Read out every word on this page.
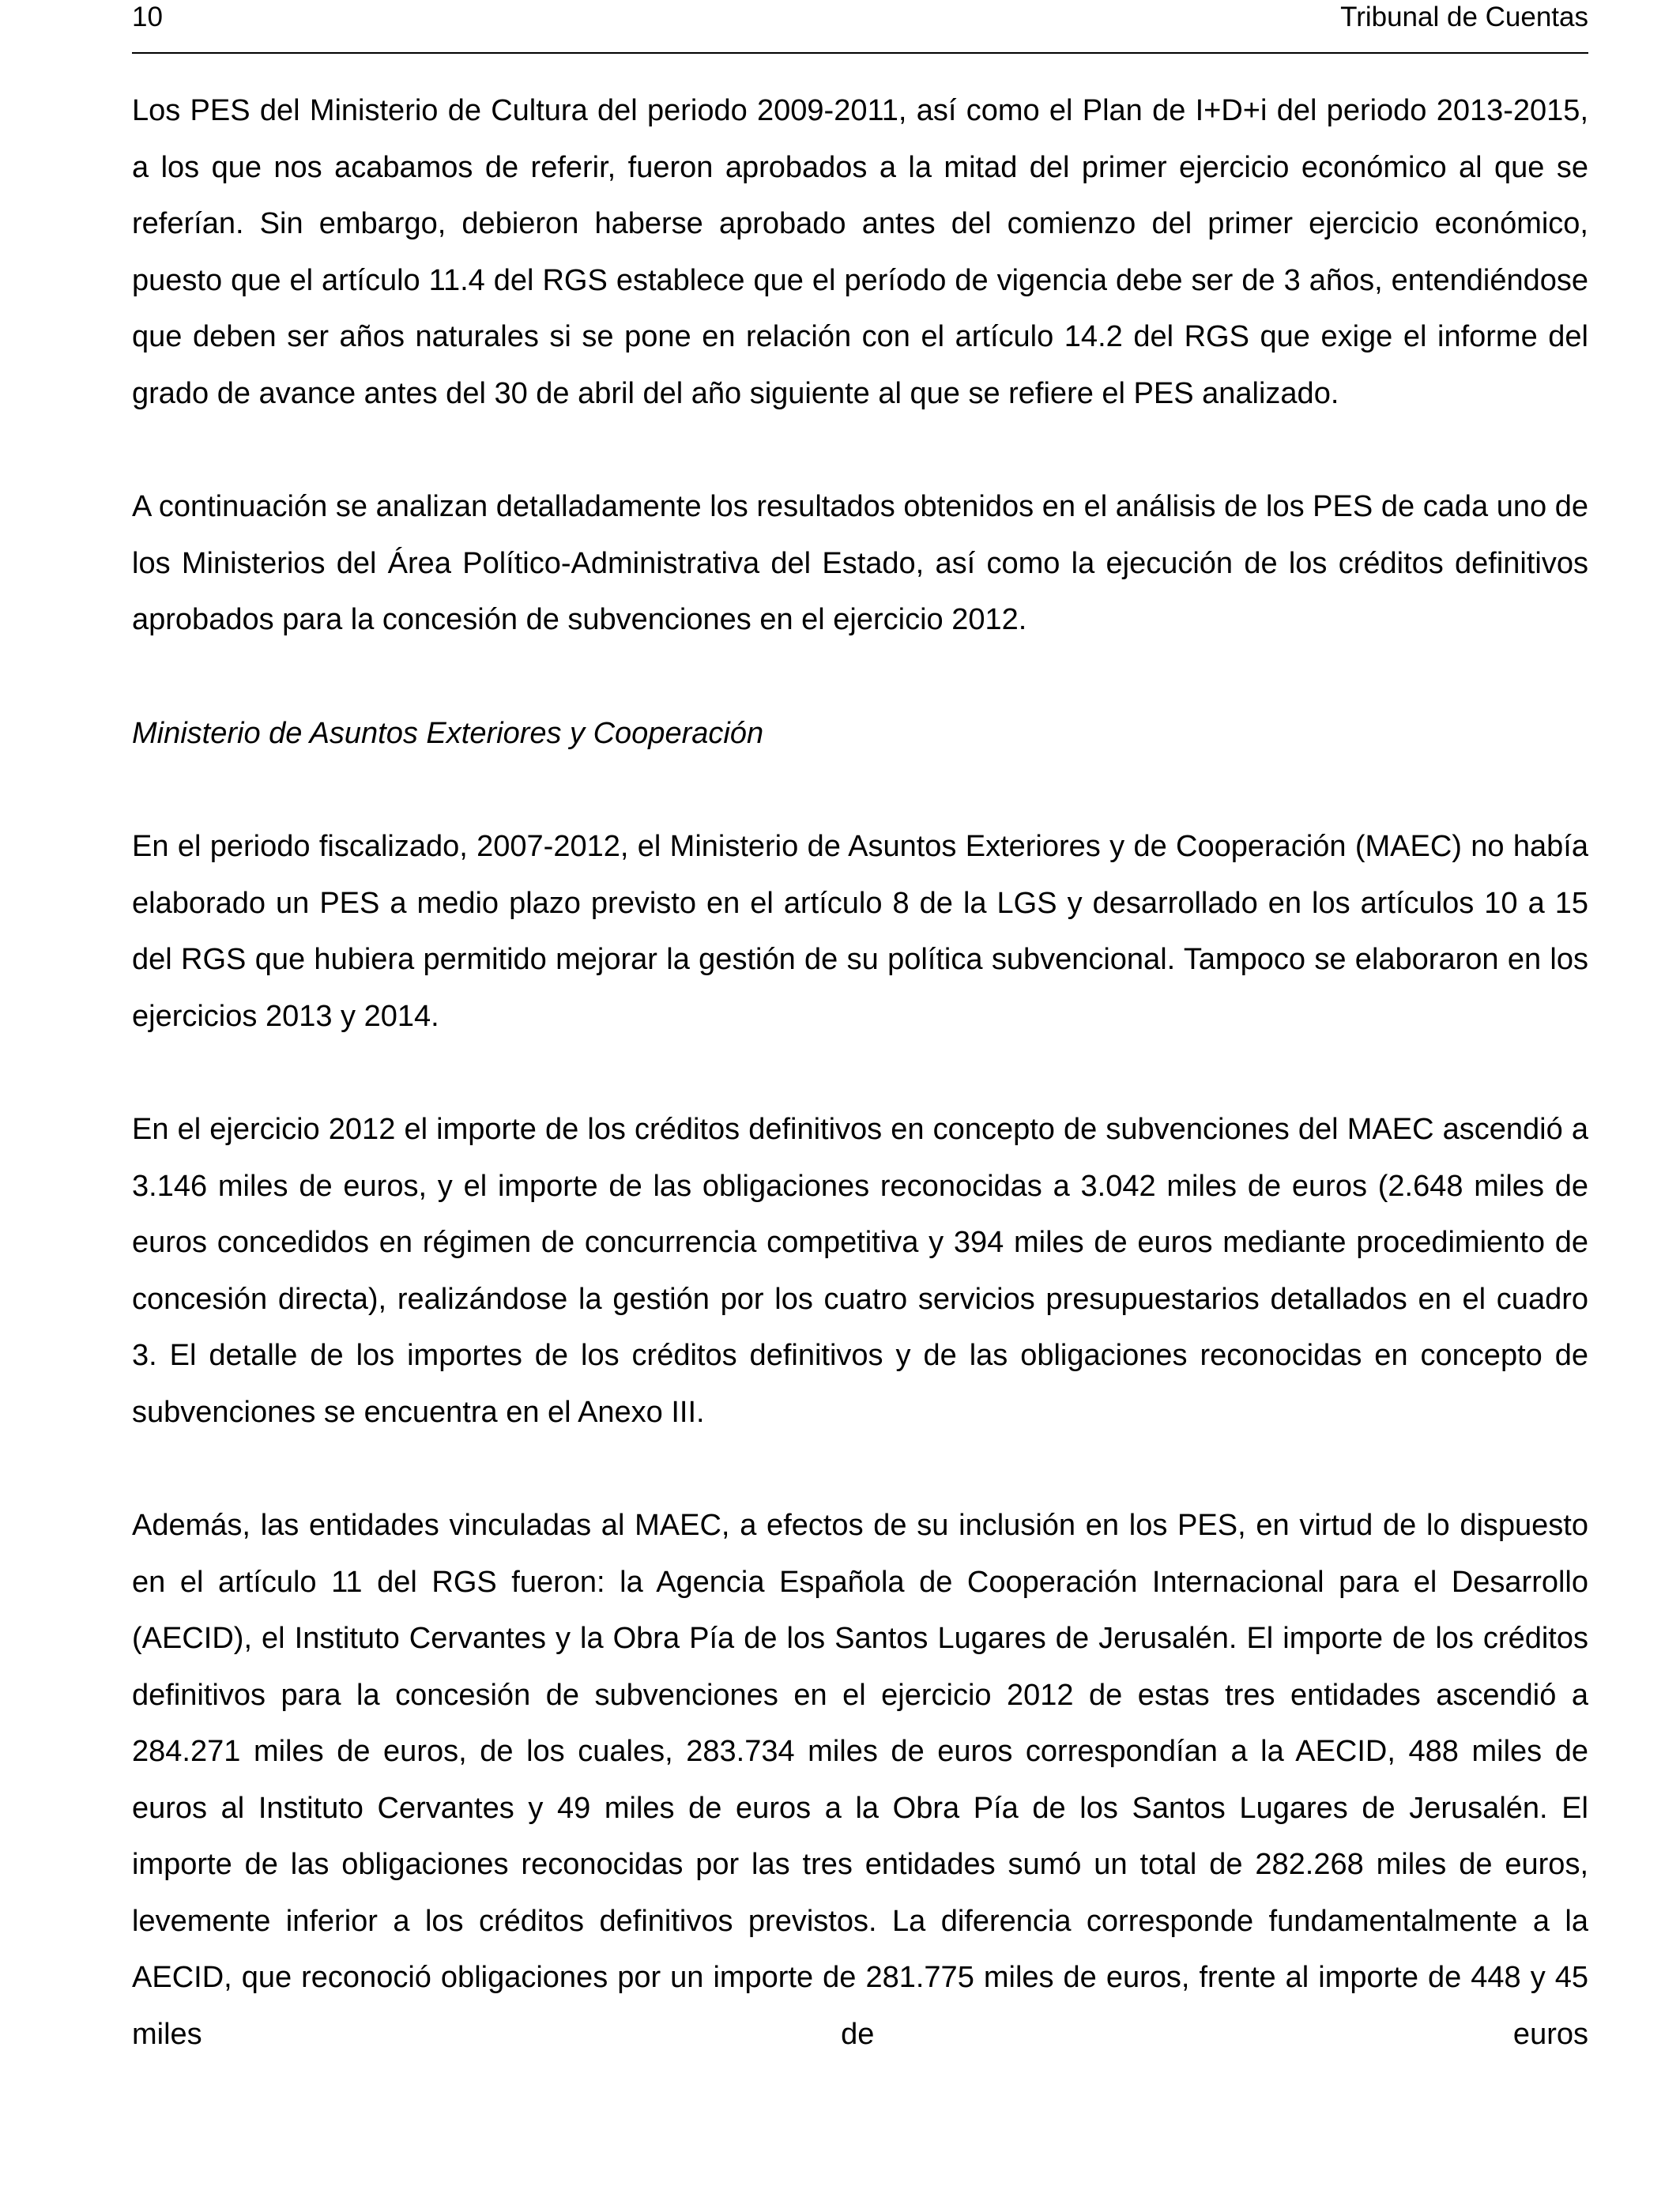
10	Tribunal de Cuentas

Los PES del Ministerio de Cultura del periodo 2009-2011, así como el Plan de I+D+i del periodo 2013-2015, a los que nos acabamos de referir, fueron aprobados a la mitad del primer ejercicio económico al que se referían. Sin embargo, debieron haberse aprobado antes del comienzo del primer ejercicio económico, puesto que el artículo 11.4 del RGS establece que el período de vigencia debe ser de 3 años, entendiéndose que deben ser años naturales si se pone en relación con el artículo 14.2 del RGS que exige el informe del grado de avance antes del 30 de abril del año siguiente al que se refiere el PES analizado.

A continuación se analizan detalladamente los resultados obtenidos en el análisis de los PES de cada uno de los Ministerios del Área Político-Administrativa del Estado, así como la ejecución de los créditos definitivos aprobados para la concesión de subvenciones en el ejercicio 2012.

Ministerio de Asuntos Exteriores y Cooperación

En el periodo fiscalizado, 2007-2012, el Ministerio de Asuntos Exteriores y de Cooperación (MAEC) no había elaborado un PES a medio plazo previsto en el artículo 8 de la LGS y desarrollado en los artículos 10 a 15 del RGS que hubiera permitido mejorar la gestión de su política subvencional. Tampoco se elaboraron en los ejercicios 2013 y 2014.

En el ejercicio 2012 el importe de los créditos definitivos en concepto de subvenciones del MAEC ascendió a 3.146 miles de euros, y el importe de las obligaciones reconocidas a 3.042 miles de euros (2.648 miles de euros concedidos en régimen de concurrencia competitiva y 394 miles de euros mediante procedimiento de concesión directa), realizándose la gestión por los cuatro servicios presupuestarios detallados en el cuadro 3. El detalle de los importes de los créditos definitivos y de las obligaciones reconocidas en concepto de subvenciones se encuentra en el Anexo III.

Además, las entidades vinculadas al MAEC, a efectos de su inclusión en los PES, en virtud de lo dispuesto en el artículo 11 del RGS fueron: la Agencia Española de Cooperación Internacional para el Desarrollo (AECID), el Instituto Cervantes y la Obra Pía de los Santos Lugares de Jerusalén. El importe de los créditos definitivos para la concesión de subvenciones en el ejercicio 2012 de estas tres entidades ascendió a 284.271 miles de euros, de los cuales, 283.734 miles de euros correspondían a la AECID, 488 miles de euros al Instituto Cervantes y 49 miles de euros a la Obra Pía de los Santos Lugares de Jerusalén. El importe de las obligaciones reconocidas por las tres entidades sumó un total de 282.268 miles de euros, levemente inferior a los créditos definitivos previstos. La diferencia corresponde fundamentalmente a la AECID, que reconoció obligaciones por un importe de 281.775 miles de euros, frente al importe de 448 y 45 miles de euros
